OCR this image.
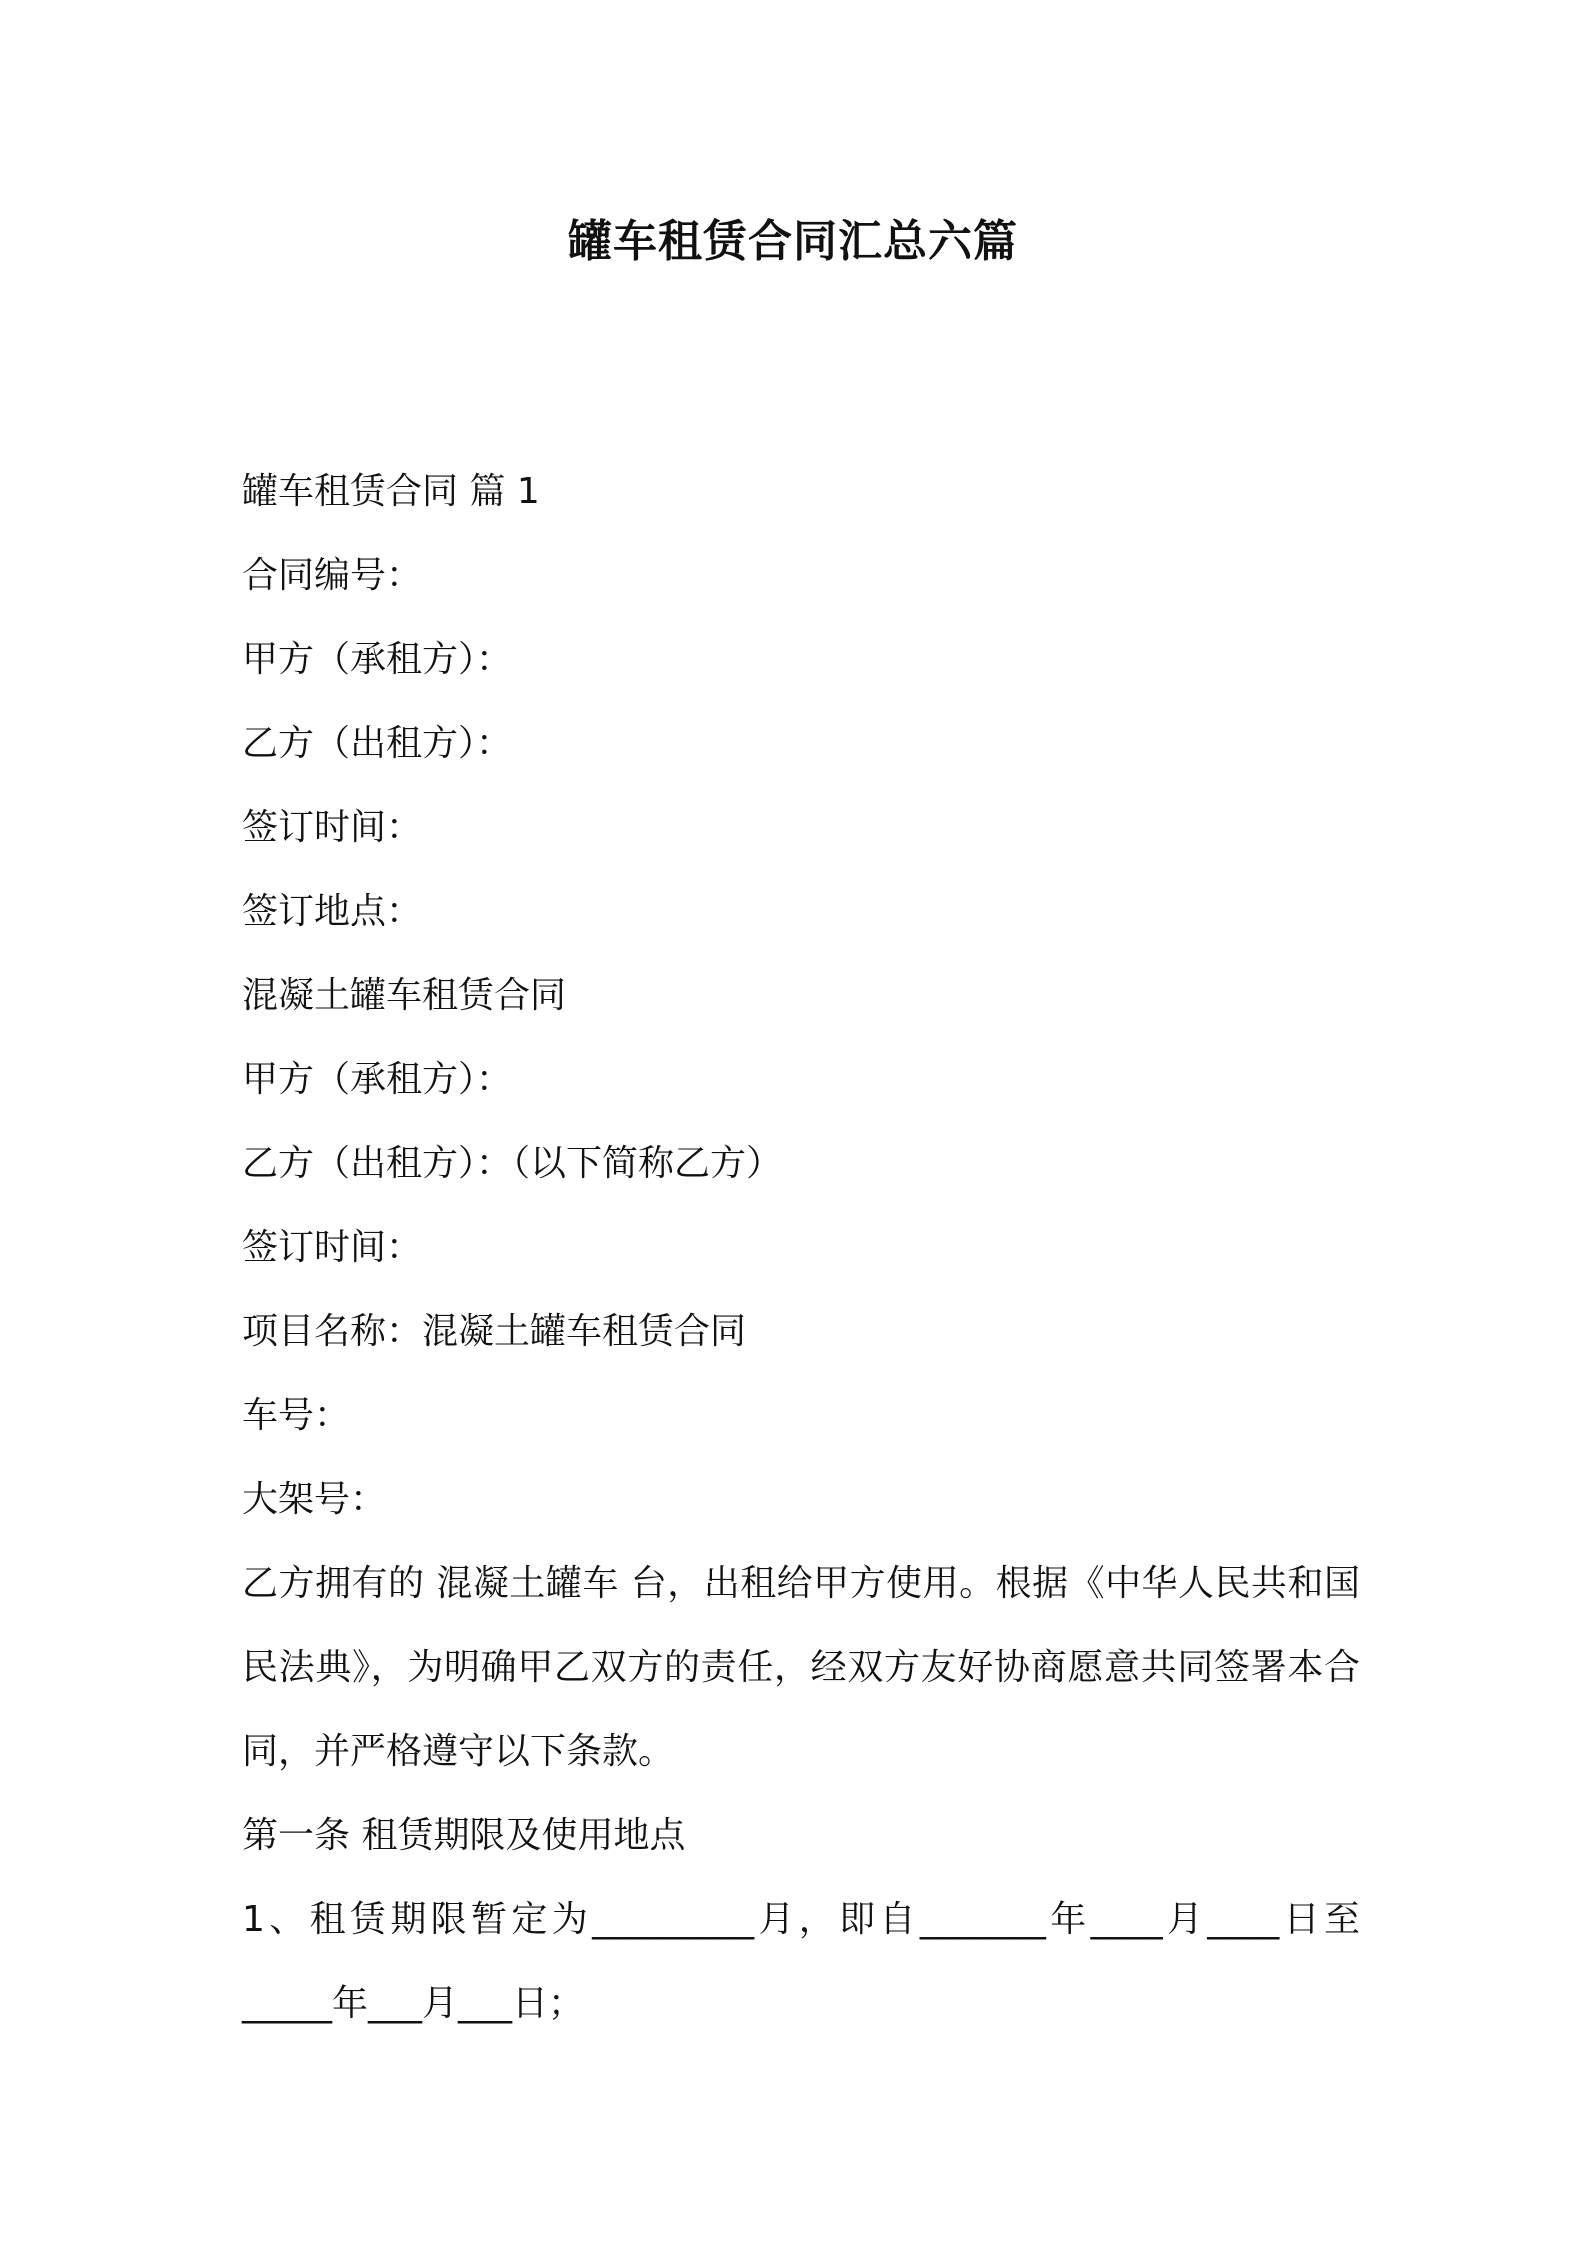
罐车租赁合同汇总六篇

罐车租赁合同 篇 1

合同编号：

甲方（承租方）：

乙方（出租方）：

签订时间：

签订地点：

混凝土罐车租赁合同

甲方（承租方）：

乙方（出租方）：（以下简称乙方）

签订时间：

项目名称：混凝土罐车租赁合同

车号：

大架号：

乙方拥有的 混凝土罐车 台，出租给甲方使用。根据《中华人民共和国民法典》，为明确甲乙双方的责任，经双方友好协商愿意共同签署本合同，并严格遵守以下条款。

第一条 租赁期限及使用地点

1、租赁期限暂定为_________月，即自_______年____月____日至_____年___月___日；
